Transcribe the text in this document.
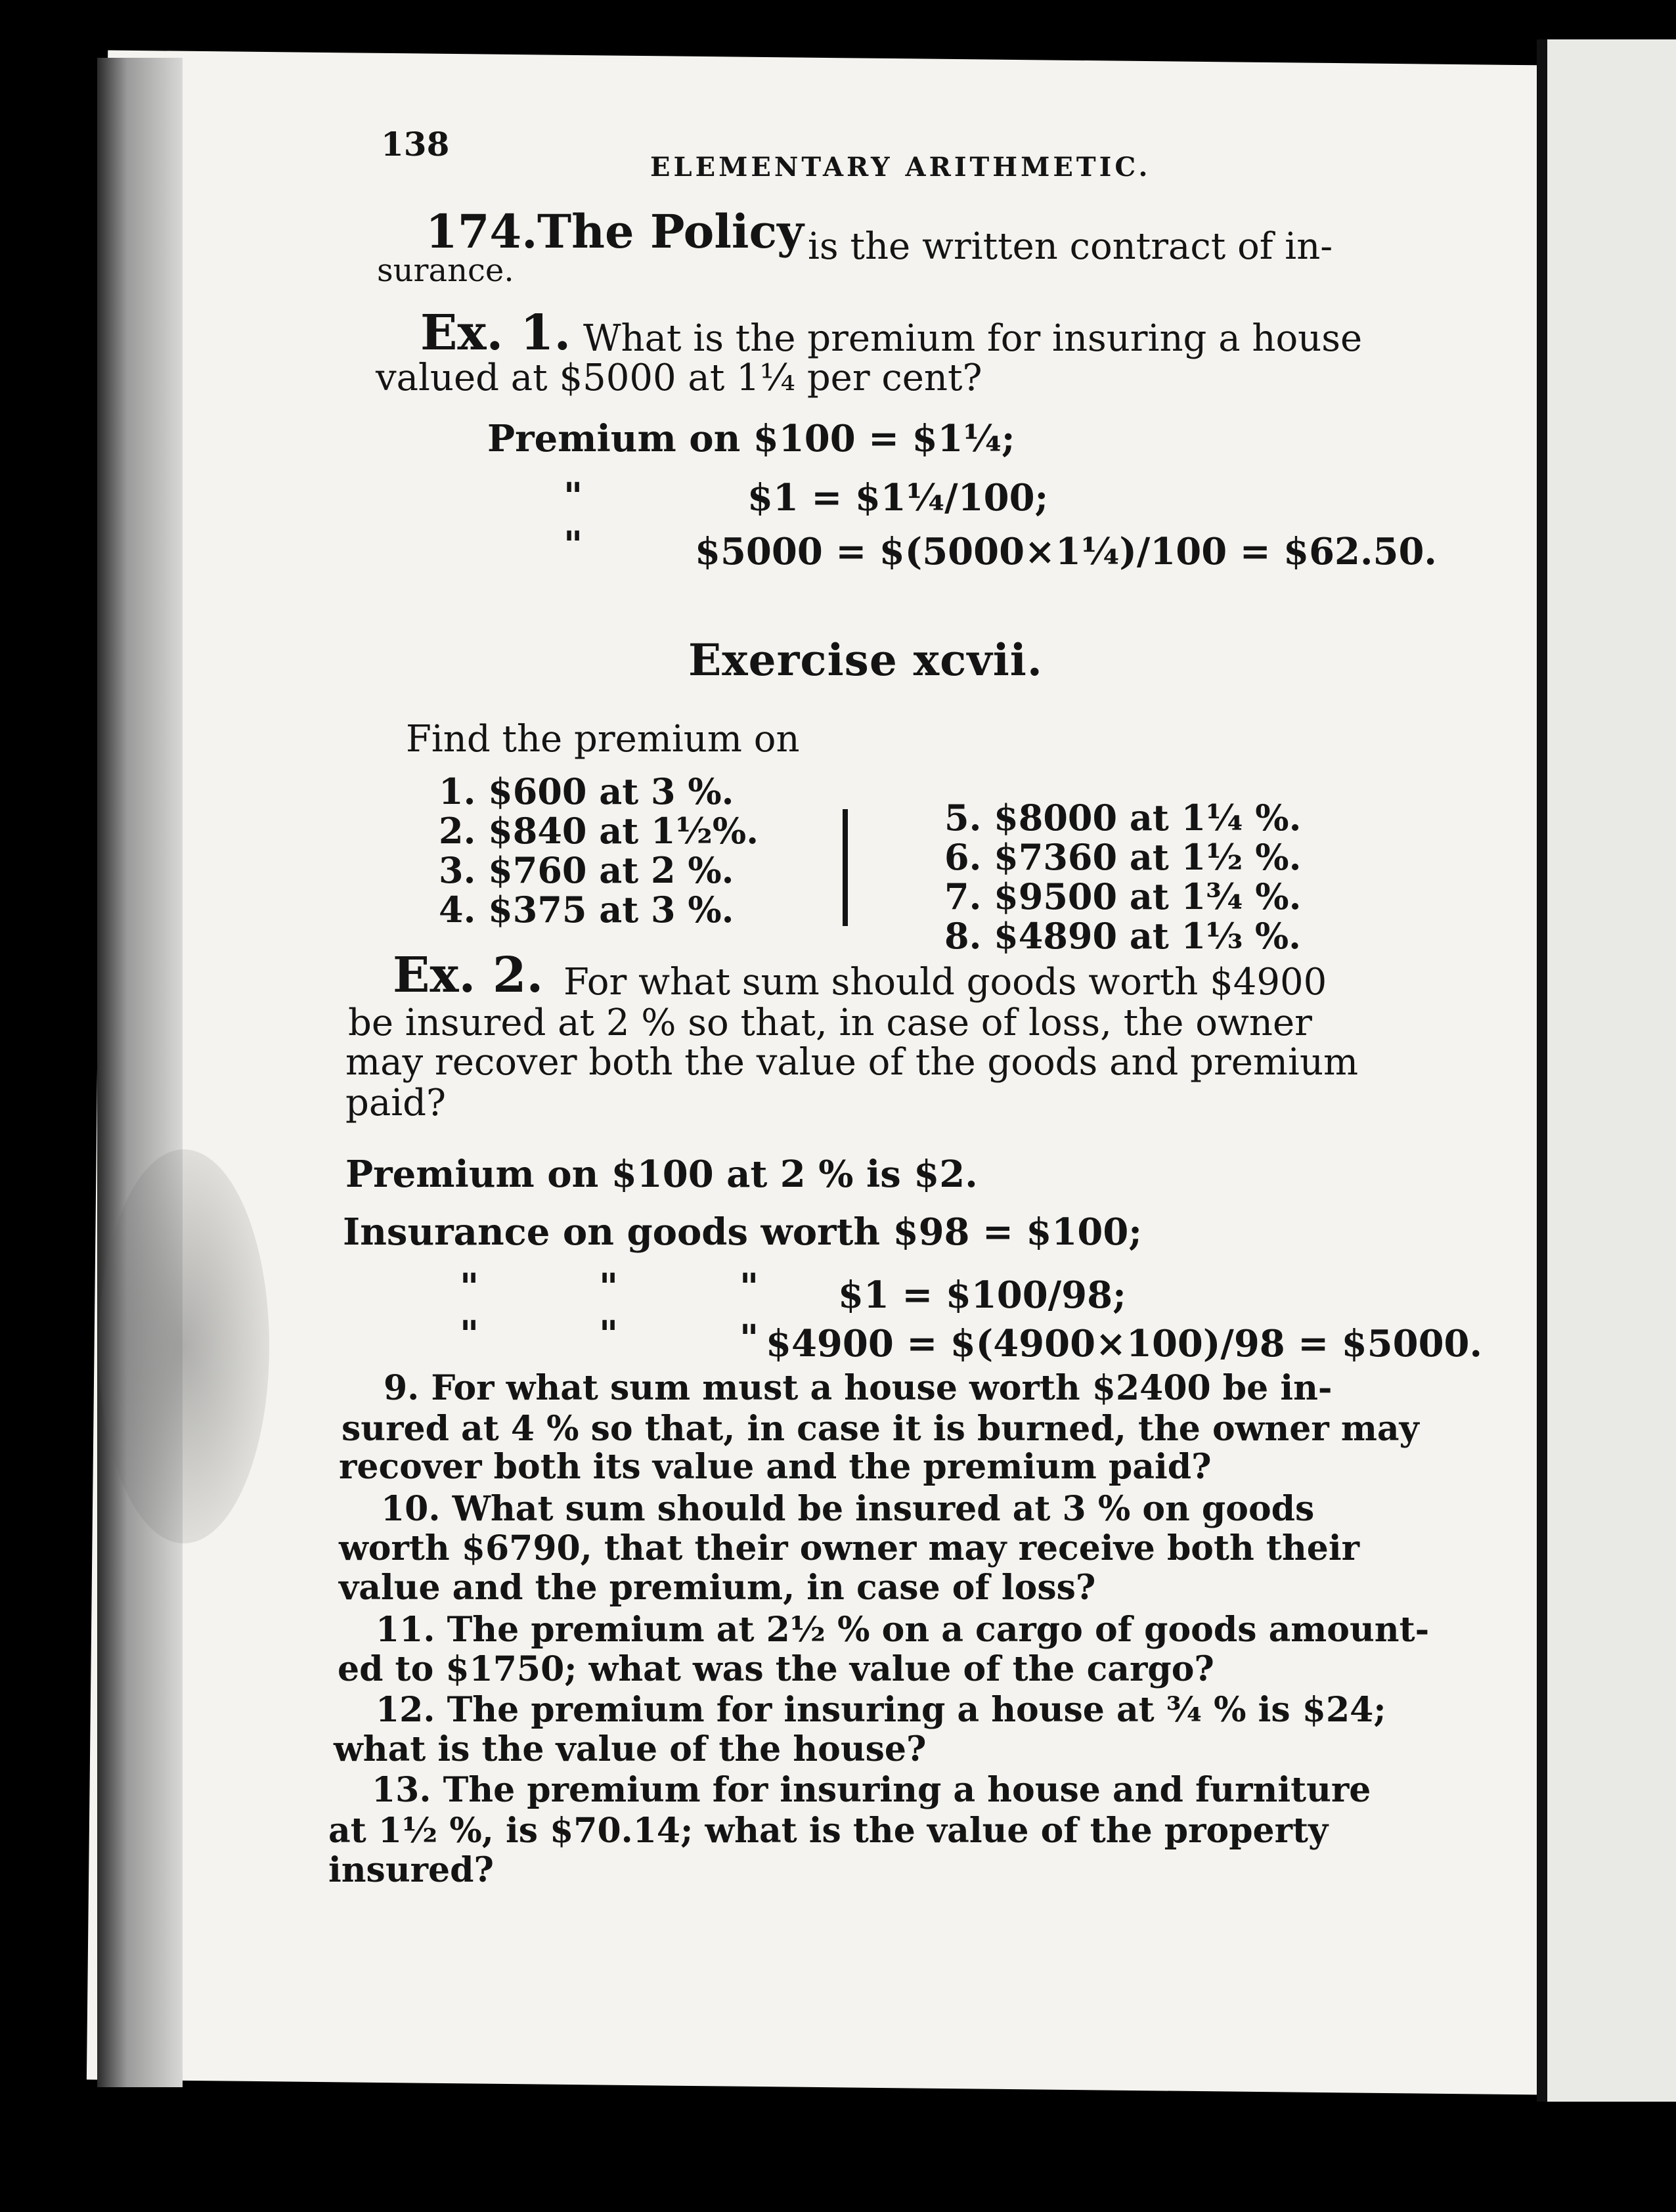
138
ELEMENTARY ARITHMETIC.
174. The Policy is the written contract of in-
surance.
Ex. 1. What is the premium for insuring a house
valued at $5000 at 1¼ per cent?
Premium on $100 = $1¼;
"	$1 = $1¼/100;
"	$5000 = $(5000×1¼)/100 = $62.50.
Exercise xcvii.
Find the premium on
1. $600 at 3 %.
2. $840 at 1½%.
3. $760 at 2 %.
4. $375 at 3 %.
5. $8000 at 1¼ %.
6. $7360 at 1½ %.
7. $9500 at 1¾ %.
8. $4890 at 1⅓ %.
Ex. 2. For what sum should goods worth $4900
be insured at 2 % so that, in case of loss, the owner
may recover both the value of the goods and premium
paid?
Premium on $100 at 2 % is $2.
Insurance on goods worth $98 = $100;
"	"	" $1 = $100/98;
"	"	" $4900 = $(4900×100)/98 = $5000.
9. For what sum must a house worth $2400 be in-
sured at 4 % so that, in case it is burned, the owner may
recover both its value and the premium paid?
10. What sum should be insured at 3 % on goods
worth $6790, that their owner may receive both their
value and the premium, in case of loss?
11. The premium at 2½ % on a cargo of goods amount-
ed to $1750; what was the value of the cargo?
12. The premium for insuring a house at ¾ % is $24;
what is the value of the house?
13. The premium for insuring a house and furniture
at 1½ %, is $70.14; what is the value of the property
insured?
